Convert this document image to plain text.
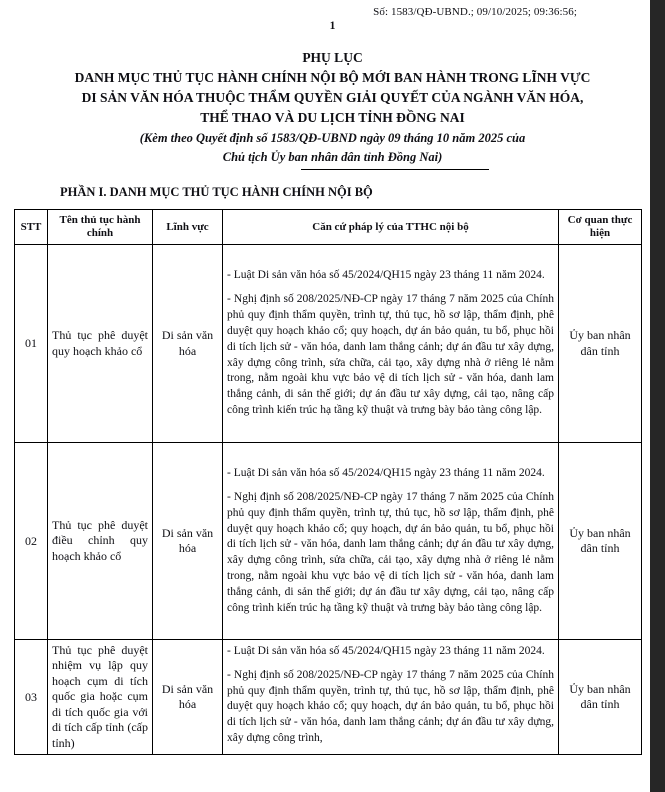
Số: 1583/QĐ-UBND.; 09/10/2025; 09:36:56;
1
PHỤ LỤC
DANH MỤC THỦ TỤC HÀNH CHÍNH NỘI BỘ MỚI BAN HÀNH TRONG LĨNH VỰC
DI SẢN VĂN HÓA THUỘC THẨM QUYỀN GIẢI QUYẾT CỦA NGÀNH VĂN HÓA,
THỂ THAO VÀ DU LỊCH TỈNH ĐỒNG NAI
(Kèm theo Quyết định số 1583/QĐ-UBND ngày 09 tháng 10 năm 2025 của
Chủ tịch Ủy ban nhân dân tỉnh Đồng Nai)
PHẦN I. DANH MỤC THỦ TỤC HÀNH CHÍNH NỘI BỘ
STT	Tên thủ tục hành chính	Lĩnh vực	Căn cứ pháp lý của TTHC nội bộ	Cơ quan thực hiện
01	Thủ tục phê duyệt quy hoạch khảo cổ	Di sản văn hóa	- Luật Di sản văn hóa số 45/2024/QH15 ngày 23 tháng 11 năm 2024.

- Nghị định số 208/2025/NĐ-CP ngày 17 tháng 7 năm 2025 của Chính phủ quy định thẩm quyền, trình tự, thủ tục, hồ sơ lập, thẩm định, phê duyệt quy hoạch khảo cổ; quy hoạch, dự án bảo quản, tu bổ, phục hồi di tích lịch sử - văn hóa, danh lam thắng cảnh; dự án đầu tư xây dựng, xây dựng công trình, sửa chữa, cải tạo, xây dựng nhà ở riêng lẻ nằm trong, nằm ngoài khu vực bảo vệ di tích lịch sử - văn hóa, danh lam thắng cảnh, di sản thế giới; dự án đầu tư xây dựng, cải tạo, nâng cấp công trình kiến trúc hạ tầng kỹ thuật và trưng bày bảo tàng công lập.	Ủy ban nhân dân tỉnh
02	Thủ tục phê duyệt điều chỉnh quy hoạch khảo cổ	Di sản văn hóa	- Luật Di sản văn hóa số 45/2024/QH15 ngày 23 tháng 11 năm 2024.

- Nghị định số 208/2025/NĐ-CP ngày 17 tháng 7 năm 2025 của Chính phủ quy định thẩm quyền, trình tự, thủ tục, hồ sơ lập, thẩm định, phê duyệt quy hoạch khảo cổ; quy hoạch, dự án bảo quản, tu bổ, phục hồi di tích lịch sử - văn hóa, danh lam thắng cảnh; dự án đầu tư xây dựng, xây dựng công trình, sửa chữa, cải tạo, xây dựng nhà ở riêng lẻ nằm trong, nằm ngoài khu vực bảo vệ di tích lịch sử - văn hóa, danh lam thắng cảnh, di sản thế giới; dự án đầu tư xây dựng, cải tạo, nâng cấp công trình kiến trúc hạ tầng kỹ thuật và trưng bày bảo tàng công lập.	Ủy ban nhân dân tỉnh
03	Thủ tục phê duyệt nhiệm vụ lập quy hoạch cụm di tích quốc gia hoặc cụm di tích quốc gia với di tích cấp tỉnh (cấp tỉnh)	Di sản văn hóa	- Luật Di sản văn hóa số 45/2024/QH15 ngày 23 tháng 11 năm 2024.

- Nghị định số 208/2025/NĐ-CP ngày 17 tháng 7 năm 2025 của Chính phủ quy định thẩm quyền, trình tự, thủ tục, hồ sơ lập, thẩm định, phê duyệt quy hoạch khảo cổ; quy hoạch, dự án bảo quản, tu bổ, phục hồi di tích lịch sử - văn hóa, danh lam thắng cảnh; dự án đầu tư xây dựng, xây dựng công trình,	Ủy ban nhân dân tỉnh
